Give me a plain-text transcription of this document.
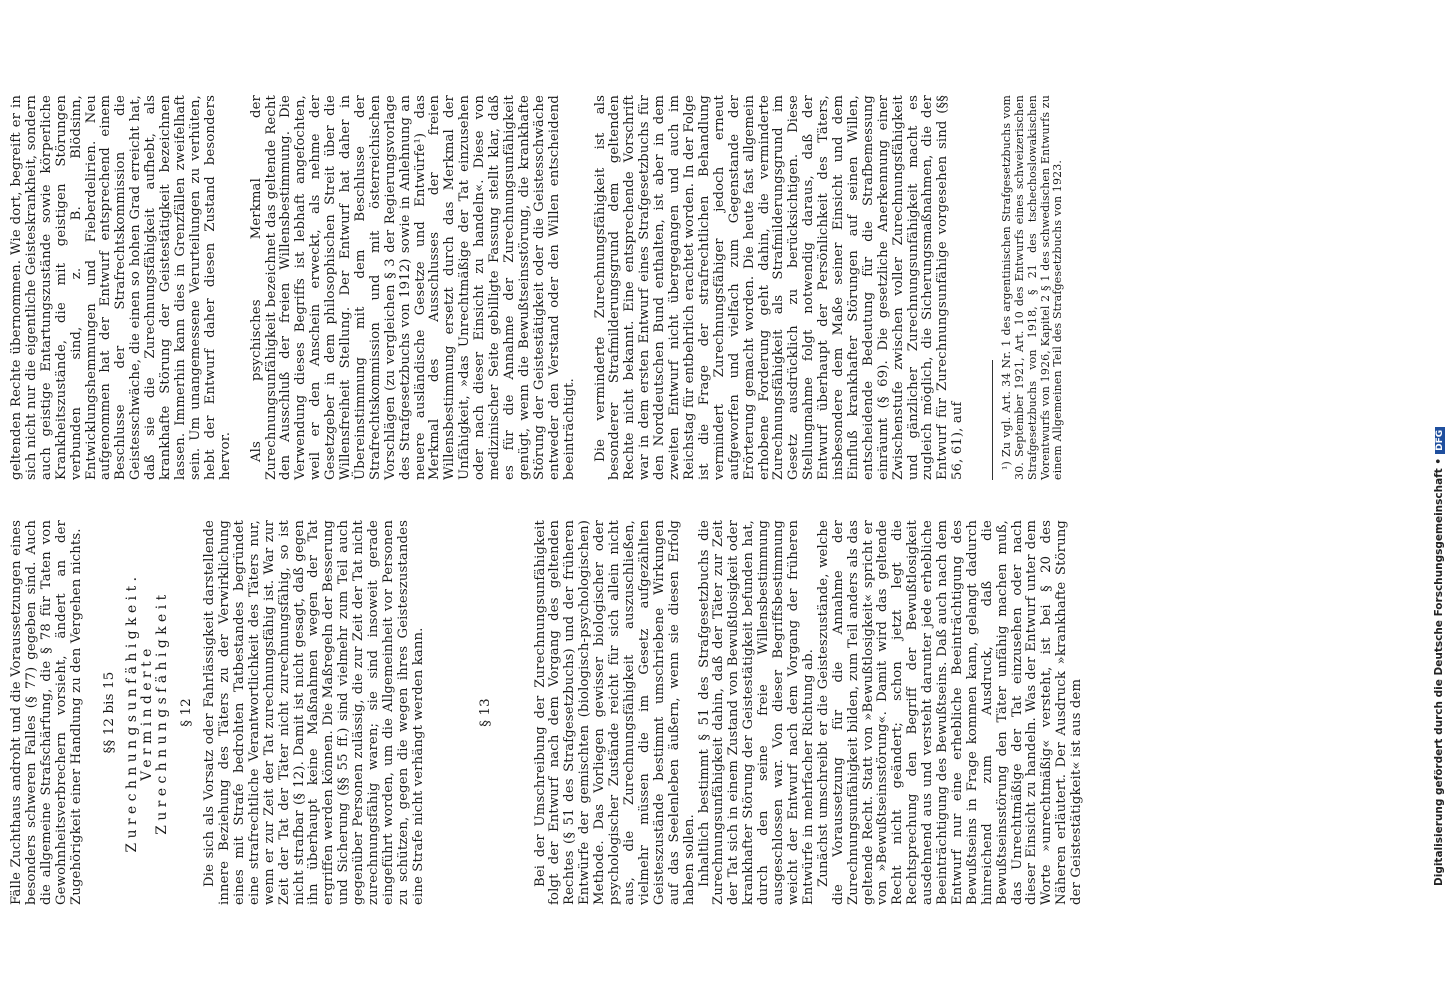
Fälle Zuchthaus androht und die Voraussetzungen eines besonders schweren Falles (§ 77) gegeben sind. Auch die allgemeine Strafschärfung, die § 78 für Taten von Gewohnheitsverbrechern vorsieht, ändert an der Zugehörigkeit einer Handlung zu den Vergehen nichts. §§ 12 bis 15 Zurechnungsunfähigkeit.
Verminderte Zurechnungsfähigkeit § 12 Die sich als Vorsatz oder Fahrlässigkeit darstellende innere Beziehung des Täters zu der Verwirklichung eines mit Strafe bedrohten Tatbestandes begründet eine strafrechtliche Verantwortlichkeit des Täters nur, wenn er zur Zeit der Tat zurechnungsfähig ist. War zur Zeit der Tat der Täter nicht zurechnungsfähig, so ist nicht strafbar (§ 12). Damit ist nicht gesagt, daß gegen ihn überhaupt keine Maßnahmen wegen der Tat ergriffen werden können. Die Maßregeln der Besserung und Sicherung (§§ 55 ff.) sind vielmehr zum Teil auch gegenüber Personen zulässig, die zur Zeit der Tat nicht zurechnungsfähig waren; sie sind insoweit gerade eingeführt worden, um die Allgemeinheit vor Personen zu schützen, gegen die wegen ihres Geisteszustandes eine Strafe nicht verhängt werden kann.	§ 13	Bei der Umschreibung der Zurechnungsunfähigkeit folgt der Entwurf nach dem Vorgang des geltenden Rechtes (§ 51 des Strafgesetzbuchs) und der früheren Entwürfe der gemischten (biologisch-psychologischen) Methode. Das Vorliegen gewisser biologischer oder psychologischer Zustände reicht für sich allein nicht aus, die Zurechnungsfähigkeit auszuschließen, vielmehr müssen die im Gesetz aufgezählten Geisteszustände bestimmt umschriebene Wirkungen auf das Seelenleben äußern, wenn sie diesen Erfolg haben sollen. Inhaltlich bestimmt § 51 des Strafgesetzbuchs die Zurechnungsunfähigkeit dahin, daß der Täter zur Zeit der Tat sich in einem Zustand von Bewußtlosigkeit oder krankhafter Störung der Geistestätigkeit befunden hat, durch den seine freie Willensbestimmung ausgeschlossen war. Von dieser Begriffsbestimmung weicht der Entwurf nach dem Vorgang der früheren Entwürfe in mehrfacher Richtung ab. Zunächst umschreibt er die Geisteszustände, welche die Voraussetzung für die Annahme der Zurechnungsunfähigkeit bilden, zum Teil anders als das geltende Recht. Statt von »Bewußtlosigkeit« spricht er von »Bewußtseinsstörung«. Damit wird das geltende Recht nicht geändert; schon jetzt legt die Rechtsprechung den Begriff der Bewußtlosigkeit ausdehnend aus und versteht darunter jede erhebliche Beeinträchtigung des Bewußtseins. Daß auch nach dem Entwurf nur eine erhebliche Beeinträchtigung des Bewußtseins in Frage kommen kann, gelangt dadurch hinreichend zum Ausdruck, daß die Bewußtseinsstörung den Täter unfähig machen muß, das Unrechtmäßige der Tat einzusehen oder nach dieser Einsicht zu handeln. Was der Entwurf unter dem Worte »unrechtmäßig« versteht, ist bei § 20 des Näheren erläutert. Der Ausdruck »krankhafte Störung der Geistestätigkeit« ist aus dem

geltenden Rechte übernommen. Wie dort, begreift er in sich nicht nur die eigentliche Geisteskrankheit, sondern auch geistige Entartungszustände sowie körperliche Krankheitszustände, die mit geistigen Störungen verbunden sind, z. B. Blödsinn, Entwicklungshemmungen und Fieberdelirien. Neu aufgenommen hat der Entwurf entsprechend einem Beschlusse der Strafrechtskommission die Geistesschwäche, die einen so hohen Grad erreicht hat, daß sie die Zurechnungsfähigkeit aufhebt, als krankhafte Störung der Geistestätigkeit bezeichnen lassen. Immerhin kann dies in Grenzfällen zweifelhaft sein. Um unangemessene Verurteilungen zu verhüten, hebt der Entwurf daher diesen Zustand besonders hervor. Als psychisches Merkmal der Zurechnungsunfähigkeit bezeichnet das geltende Recht den Ausschluß der freien Willensbestimmung. Die Verwendung dieses Begriffs ist lebhaft angefochten, weil er den Anschein erweckt, als nehme der Gesetzgeber in dem philosophischen Streit über die Willensfreiheit Stellung. Der Entwurf hat daher in Übereinstimmung mit dem Beschlusse der Strafrechtskommission und mit österreichischen Vorschlägen (zu vergleichen § 3 der Regierungsvorlage des Strafgesetzbuchs von 1912) sowie in Anlehnung an neuere ausländische Gesetze und Entwürfe¹) das Merkmal des Ausschlusses der freien Willensbestimmung ersetzt durch das Merkmal der Unfähigkeit, »das Unrechtmäßige der Tat einzusehen oder nach dieser Einsicht zu handeln«. Diese von medizinischer Seite gebilligte Fassung stellt klar, daß es für die Annahme der Zurechnungsunfähigkeit genügt, wenn die Bewußtseinsstörung, die krankhafte Störung der Geistestätigkeit oder die Geistesschwäche entweder den Verstand oder den Willen entscheidend beeinträchtigt. Die verminderte Zurechnungsfähigkeit ist als besonderer Strafmilderungsgrund dem geltenden Rechte nicht bekannt. Eine entsprechende Vorschrift war in dem ersten Entwurf eines Strafgesetzbuchs für den Norddeutschen Bund enthalten, ist aber in dem zweiten Entwurf nicht übergegangen und auch im Reichstag für entbehrlich erachtet worden. In der Folge ist die Frage der strafrechtlichen Behandlung vermindert Zurechnungsfähiger jedoch erneut aufgeworfen und vielfach zum Gegenstande der Erörterung gemacht worden. Die heute fast allgemein erhobene Forderung geht dahin, die verminderte Zurechnungsfähigkeit als Strafmilderungsgrund im Gesetz ausdrücklich zu berücksichtigen. Diese Stellungnahme folgt notwendig daraus, daß der Entwurf überhaupt der Persönlichkeit des Täters, insbesondere dem Maße seiner Einsicht und dem Einfluß krankhafter Störungen auf seinen Willen, entscheidende Bedeutung für die Strafbemessung einräumt (§ 69). Die gesetzliche Anerkennung einer Zwischenstufe zwischen voller Zurechnungsfähigkeit und gänzlicher Zurechnungsunfähigkeit macht es zugleich möglich, die Sicherungsmaßnahmen, die der Entwurf für Zurechnungsunfähige vorgesehen sind (§§ 56, 61), auf	¹) Zu vgl. Art. 34 Nr. 1 des argentinischen Strafgesetzbuchs vom 30. September 1921, Art. 10 des Entwurfs eines schweizerischen Strafgesetzbuchs von 1918, § 21 des tschechoslowakischen Vorentwurfs von 1926, Kapitel 2 § 1 des schwedischen Entwurfs zu einem Allgemeinen Teil des Strafgesetzbuchs von 1923.

Digitalisierung gefördert durch die Deutsche Forschungsgemeinschaft •DFG
